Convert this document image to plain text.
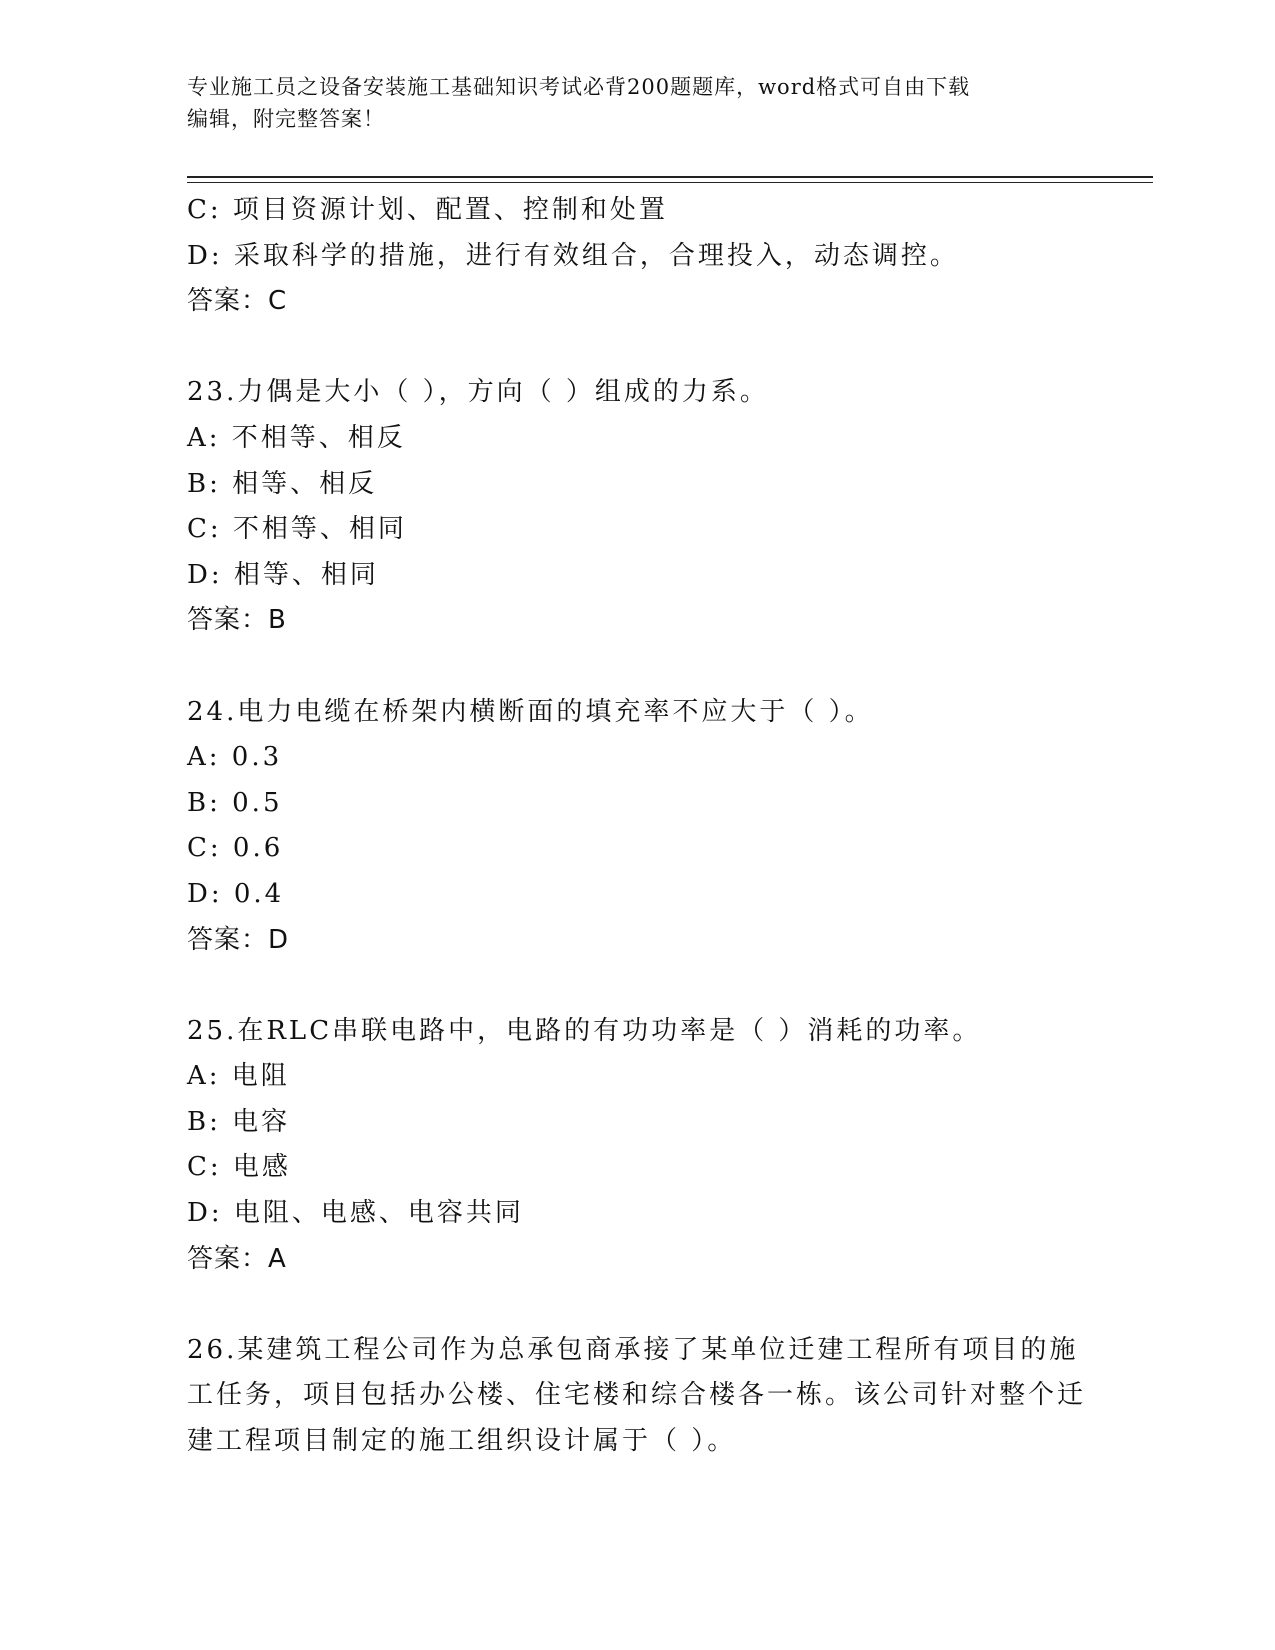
专业施工员之设备安装施工基础知识考试必背200题题库，word格式可自由下载
编辑，附完整答案！
C: 项目资源计划、配置、控制和处置
D: 采取科学的措施，进行有效组合，合理投入，动态调控。
答案：C
23.力偶是大小（ ），方向（ ）组成的力系。
A: 不相等、相反
B: 相等、相反
C: 不相等、相同
D: 相等、相同
答案：B
24.电力电缆在桥架内横断面的填充率不应大于（ ）。
A: 0.3
B: 0.5
C: 0.6
D: 0.4
答案：D
25.在RLC串联电路中，电路的有功功率是（ ）消耗的功率。
A: 电阻
B: 电容
C: 电感
D: 电阻、电感、电容共同
答案：A
26.某建筑工程公司作为总承包商承接了某单位迁建工程所有项目的施工任务，项目包括办公楼、住宅楼和综合楼各一栋。该公司针对整个迁建工程项目制定的施工组织设计属于（ ）。
